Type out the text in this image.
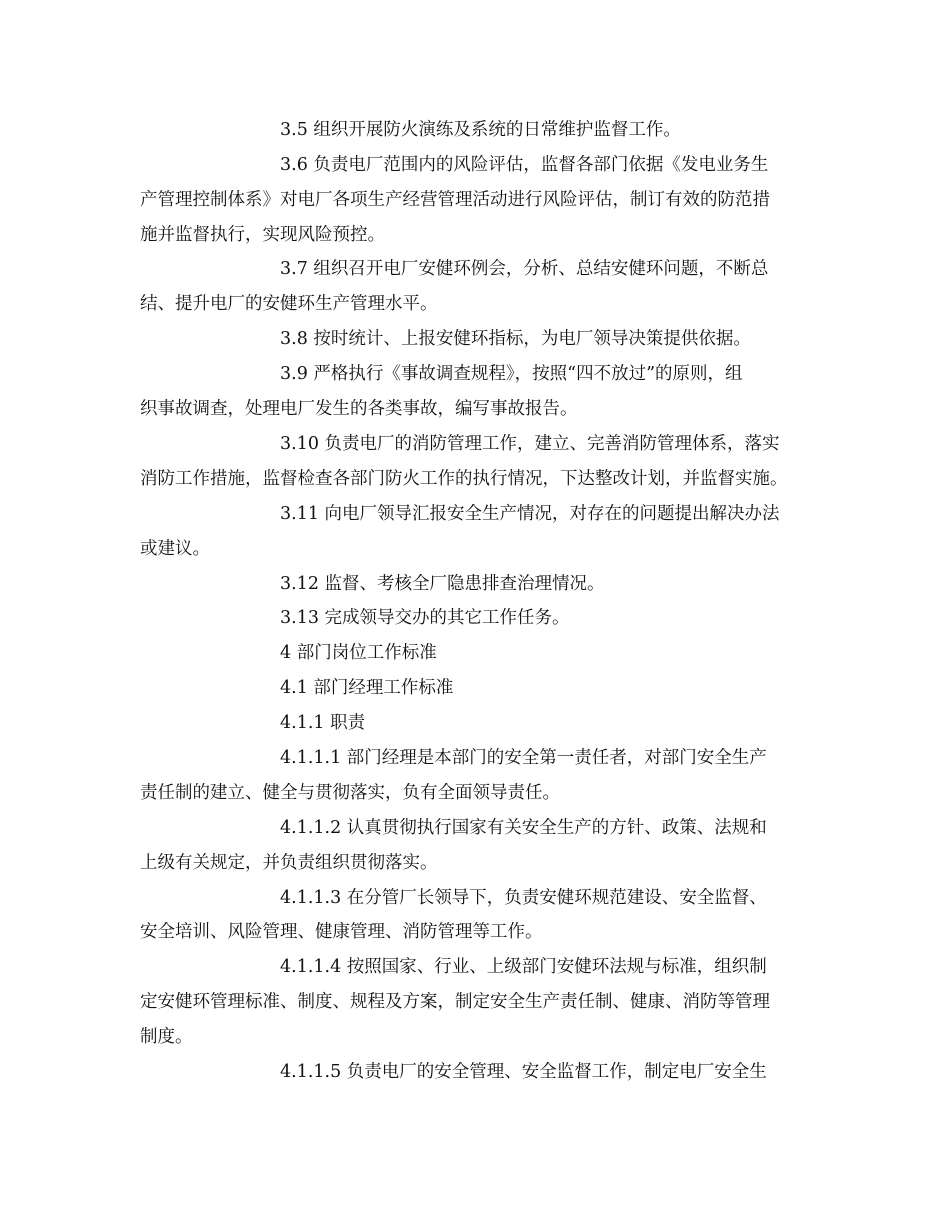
3.5 组织开展防火演练及系统的日常维护监督工作。
3.6 负责电厂范围内的风险评估，监督各部门依据《发电业务生
产管理控制体系》对电厂各项生产经营管理活动进行风险评估，制订有效的防范措
施并监督执行，实现风险预控。
3.7 组织召开电厂安健环例会，分析、总结安健环问题，不断总
结、提升电厂的安健环生产管理水平。
3.8 按时统计、上报安健环指标，为电厂领导决策提供依据。
3.9 严格执行《事故调查规程》，按照“四不放过”的原则，组
织事故调查，处理电厂发生的各类事故，编写事故报告。
3.10 负责电厂的消防管理工作，建立、完善消防管理体系，落实
消防工作措施，监督检查各部门防火工作的执行情况，下达整改计划，并监督实施。
3.11 向电厂领导汇报安全生产情况，对存在的问题提出解决办法
或建议。
3.12 监督、考核全厂隐患排查治理情况。
3.13 完成领导交办的其它工作任务。
4 部门岗位工作标准
4.1 部门经理工作标准
4.1.1 职责
4.1.1.1 部门经理是本部门的安全第一责任者，对部门安全生产
责任制的建立、健全与贯彻落实，负有全面领导责任。
4.1.1.2 认真贯彻执行国家有关安全生产的方针、政策、法规和
上级有关规定，并负责组织贯彻落实。
4.1.1.3 在分管厂长领导下，负责安健环规范建设、安全监督、
安全培训、风险管理、健康管理、消防管理等工作。
4.1.1.4 按照国家、行业、上级部门安健环法规与标准，组织制
定安健环管理标准、制度、规程及方案，制定安全生产责任制、健康、消防等管理
制度。
4.1.1.5 负责电厂的安全管理、安全监督工作，制定电厂安全生
